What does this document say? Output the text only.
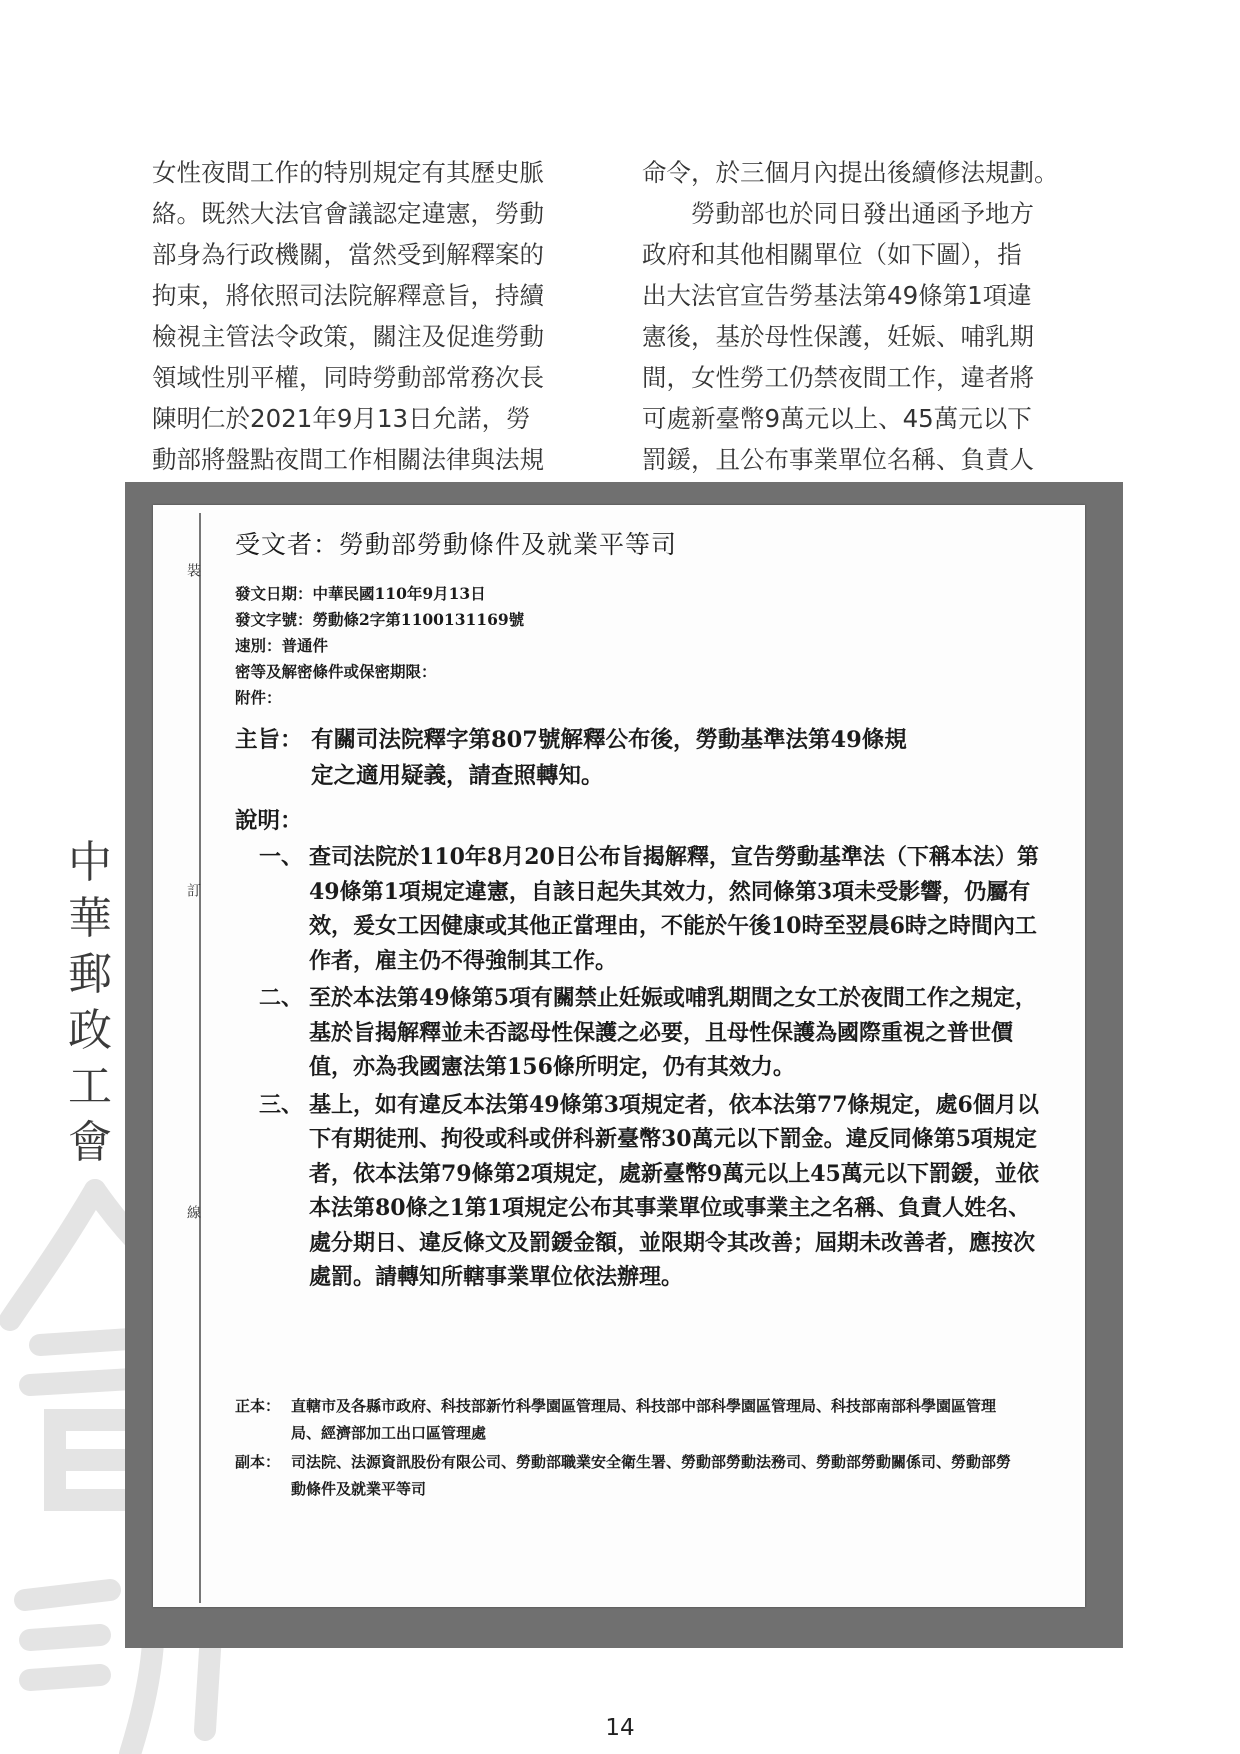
女性夜間工作的特別規定有其歷史脈

絡。既然大法官會議認定違憲，勞動

部身為行政機關，當然受到解釋案的

拘束，將依照司法院解釋意旨，持續

檢視主管法令政策，關注及促進勞動

領域性別平權，同時勞動部常務次長

陳明仁於2021年9月13日允諾，勞

動部將盤點夜間工作相關法律與法規

命令，於三個月內提出後續修法規劃。

勞動部也於同日發出通函予地方

政府和其他相關單位（如下圖），指

出大法官宣告勞基法第49條第1項違

憲後，基於母性保護，妊娠、哺乳期

間，女性勞工仍禁夜間工作，違者將

可處新臺幣9萬元以上、45萬元以下

罰鍰，且公布事業單位名稱、負責人

中
華
郵
政
工
會
裝
訂
線
受文者：勞動部勞動條件及就業平等司
發文日期：中華民國110年9月13日
發文字號：勞動條2字第1100131169號
速別：普通件
密等及解密條件或保密期限：
附件：
主旨： 有關司法院釋字第807號解釋公布後，勞動基準法第49條規
定之適用疑義，請查照轉知。
說明：
一、 查司法院於110年8月20日公布旨揭解釋，宣告勞動基準法（下稱本法）第49條第1項規定違憲，自該日起失其效力，然同條第3項未受影響，仍屬有效，爰女工因健康或其他正當理由，不能於午後10時至翌晨6時之時間內工作者，雇主仍不得強制其工作。
二、 至於本法第49條第5項有關禁止妊娠或哺乳期間之女工於夜間工作之規定，基於旨揭解釋並未否認母性保護之必要，且母性保護為國際重視之普世價值，亦為我國憲法第156條所明定，仍有其效力。
三、 基上，如有違反本法第49條第3項規定者，依本法第77條規定，處6個月以下有期徒刑、拘役或科或併科新臺幣30萬元以下罰金。違反同條第5項規定者，依本法第79條第2項規定，處新臺幣9萬元以上45萬元以下罰鍰，並依本法第80條之1第1項規定公布其事業單位或事業主之名稱、負責人姓名、處分期日、違反條文及罰鍰金額，並限期令其改善；屆期未改善者，應按次處罰。請轉知所轄事業單位依法辦理。
正本： 直轄市及各縣市政府、科技部新竹科學園區管理局、科技部中部科學園區管理局、科技部南部科學園區管理局、經濟部加工出口區管理處
副本： 司法院、法源資訊股份有限公司、勞動部職業安全衛生署、勞動部勞動法務司、勞動部勞動關係司、勞動部勞動條件及就業平等司
14
